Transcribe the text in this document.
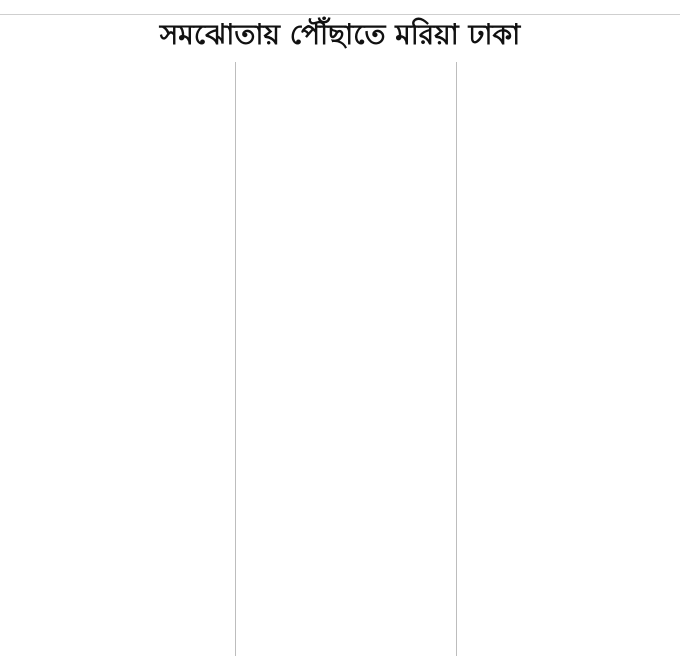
সমঝোতায় পৌঁছাতে মরিয়া ঢাকা
